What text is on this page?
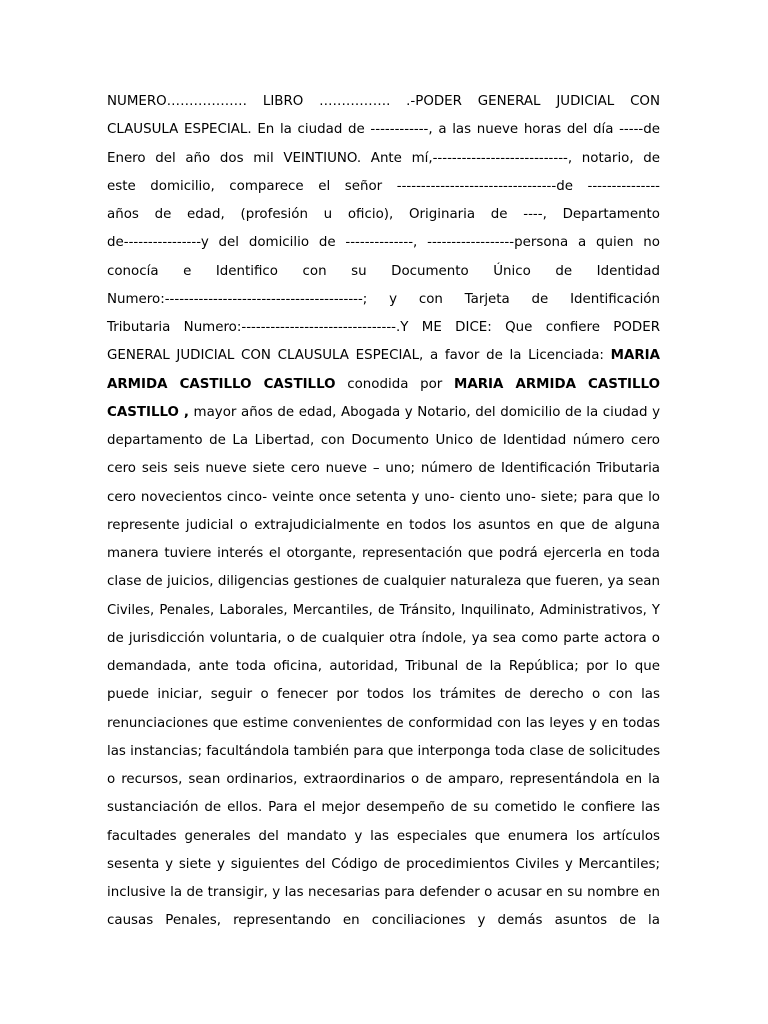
NUMERO……………… LIBRO ……………. .-PODER GENERAL JUDICIAL CON
CLAUSULA ESPECIAL. En la ciudad de ------------, a las nueve horas del día -----de
Enero del año dos mil VEINTIUNO. Ante mí,----------------------------, notario, de
este domicilio, comparece el señor ---------------------------------de ---------------
años de edad, (profesión u oficio), Originaria de ----, Departamento
de----------------y del domicilio de --------------, ------------------persona a quien no
conocía e Identifico con su Documento Único de Identidad
Numero:-----------------------------------------; y con Tarjeta de Identificación
Tributaria Numero:--------------------------------.Y ME DICE: Que confiere PODER
GENERAL JUDICIAL CON CLAUSULA ESPECIAL, a favor de la Licenciada: MARIA
ARMIDA CASTILLO CASTILLO conodida por MARIA ARMIDA CASTILLO
CASTILLO , mayor años de edad, Abogada y Notario, del domicilio de la ciudad y
departamento de La Libertad, con Documento Unico de Identidad número cero
cero seis seis nueve siete cero nueve – uno; número de Identificación Tributaria
cero novecientos cinco- veinte once setenta y uno- ciento uno- siete; para que lo
represente judicial o extrajudicialmente en todos los asuntos en que de alguna
manera tuviere interés el otorgante, representación que podrá ejercerla en toda
clase de juicios, diligencias gestiones de cualquier naturaleza que fueren, ya sean
Civiles, Penales, Laborales, Mercantiles, de Tránsito, Inquilinato, Administrativos, Y
de jurisdicción voluntaria, o de cualquier otra índole, ya sea como parte actora o
demandada, ante toda oficina, autoridad, Tribunal de la República; por lo que
puede iniciar, seguir o fenecer por todos los trámites de derecho o con las
renunciaciones que estime convenientes de conformidad con las leyes y en todas
las instancias; facultándola también para que interponga toda clase de solicitudes
o recursos, sean ordinarios, extraordinarios o de amparo, representándola en la
sustanciación de ellos. Para el mejor desempeño de su cometido le confiere las
facultades generales del mandato y las especiales que enumera los artículos
sesenta y siete y siguientes del Código de procedimientos Civiles y Mercantiles;
inclusive la de transigir, y las necesarias para defender o acusar en su nombre en
causas Penales, representando en conciliaciones y demás asuntos de la
